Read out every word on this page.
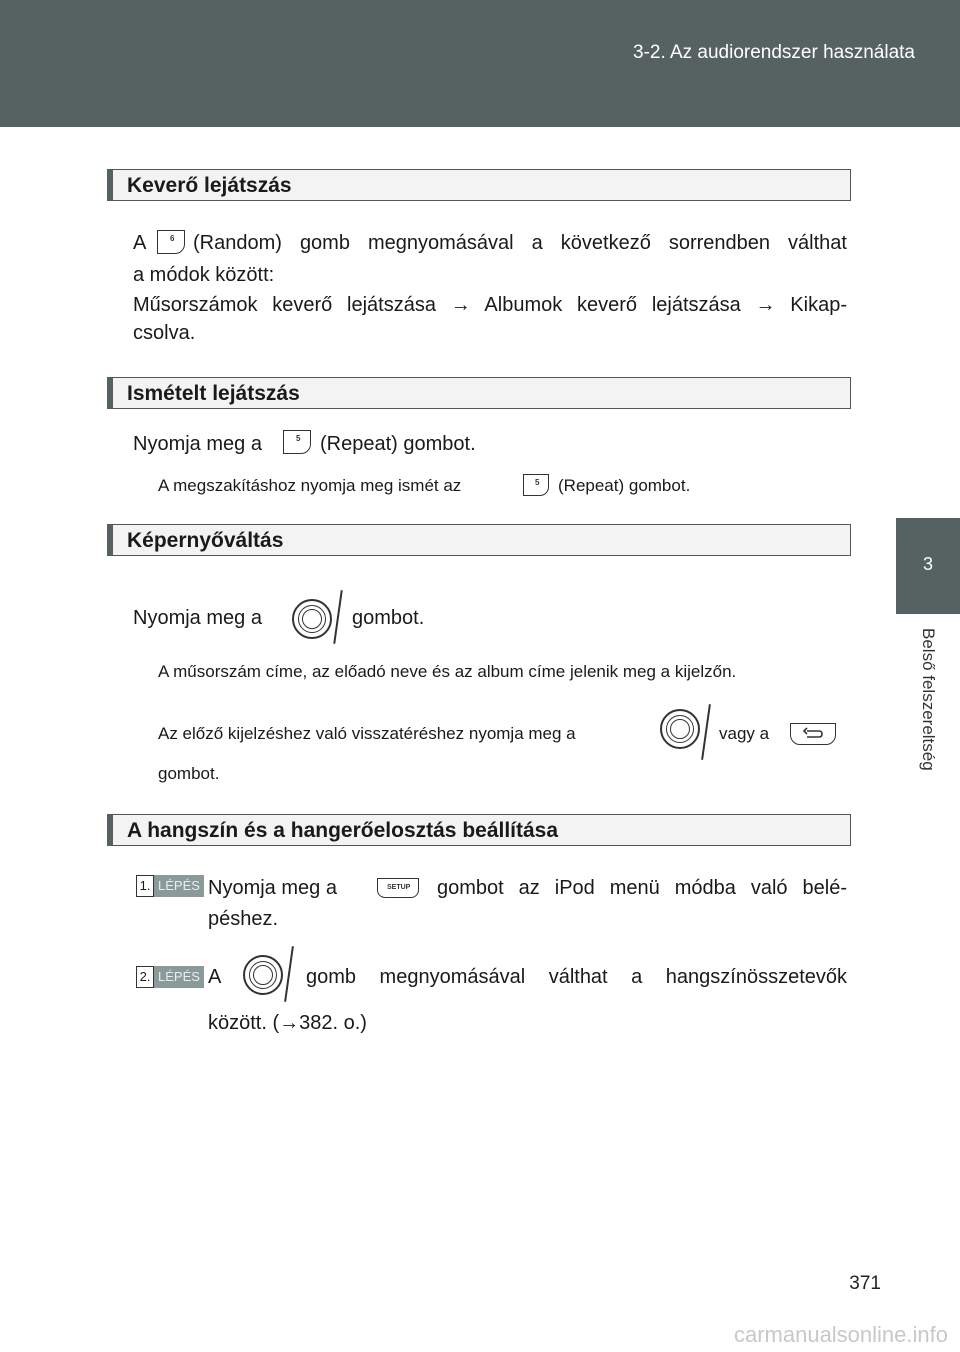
3-2. Az audiorendszer használata
3
Belső felszereltség
Keverő lejátszás
A	6 (Random) gomb megnyomásával a következő sorrendben válthat
a módok között:
Műsorszámok keverő lejátszása → Albumok keverő lejátszása → Kikap-
csolva.
Ismételt lejátszás
Nyomja meg a	5 (Repeat) gombot.
A megszakításhoz nyomja meg ismét az	5 (Repeat) gombot.
Képernyőváltás
Nyomja meg a	gombot.
A műsorszám címe, az előadó neve és az album címe jelenik meg a kijelzőn.
Az előző kijelzéshez való visszatéréshez nyomja meg a	vagy a
gombot.
A hangszín és a hangerőelosztás beállítása
1. LÉPÉS Nyomja meg a	SETUP gombot az iPod menü módba való belé-
péshez.
2. LÉPÉS A	gomb megnyomásával válthat a hangszínösszetevők
között. (→382. o.)
371
carmanualsonline.info
